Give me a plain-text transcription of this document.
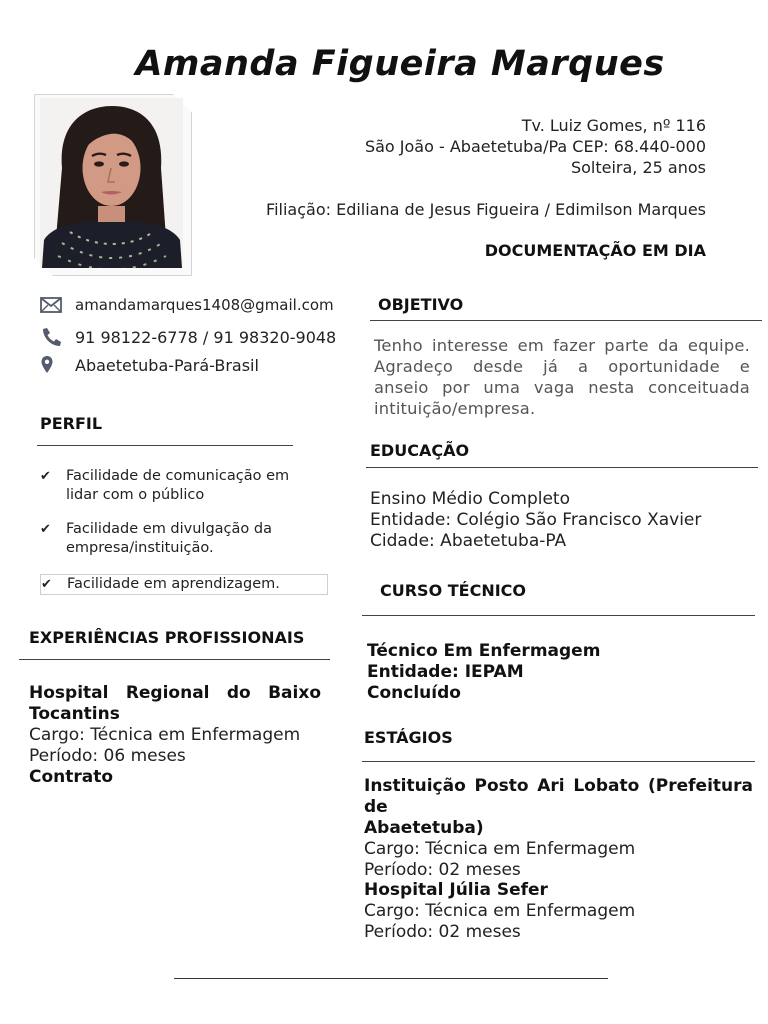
Amanda Figueira Marques
Tv. Luiz Gomes, nº 116
São João - Abaetetuba/Pa CEP: 68.440-000
Solteira, 25 anos
Filiação: Ediliana de Jesus Figueira / Edimilson Marques
DOCUMENTAÇÃO EM DIA
amandamarques1408@gmail.com
91 98122-6778 / 91 98320-9048
Abaetetuba-Pará-Brasil
PERFIL
✔	Facilidade de comunicação em
lidar com o público
✔	Facilidade em divulgação da
empresa/instituição.
✔	Facilidade em aprendizagem.
EXPERIÊNCIAS PROFISSIONAIS
Hospital Regional do Baixo
Tocantins
Cargo: Técnica em Enfermagem
Período: 06 meses
Contrato
OBJETIVO
Tenho interesse em fazer parte da equipe.
Agradeço desde já a oportunidade e
anseio por uma vaga nesta conceituada
intituição/empresa.
EDUCAÇÃO
Ensino Médio Completo
Entidade: Colégio São Francisco Xavier
Cidade: Abaetetuba-PA
CURSO TÉCNICO
Técnico Em Enfermagem
Entidade: IEPAM
Concluído
ESTÁGIOS
Instituição Posto Ari Lobato (Prefeitura de
Abaetetuba)
Cargo: Técnica em Enfermagem
Período: 02 meses
Hospital Júlia Sefer
Cargo: Técnica em Enfermagem
Período: 02 meses
